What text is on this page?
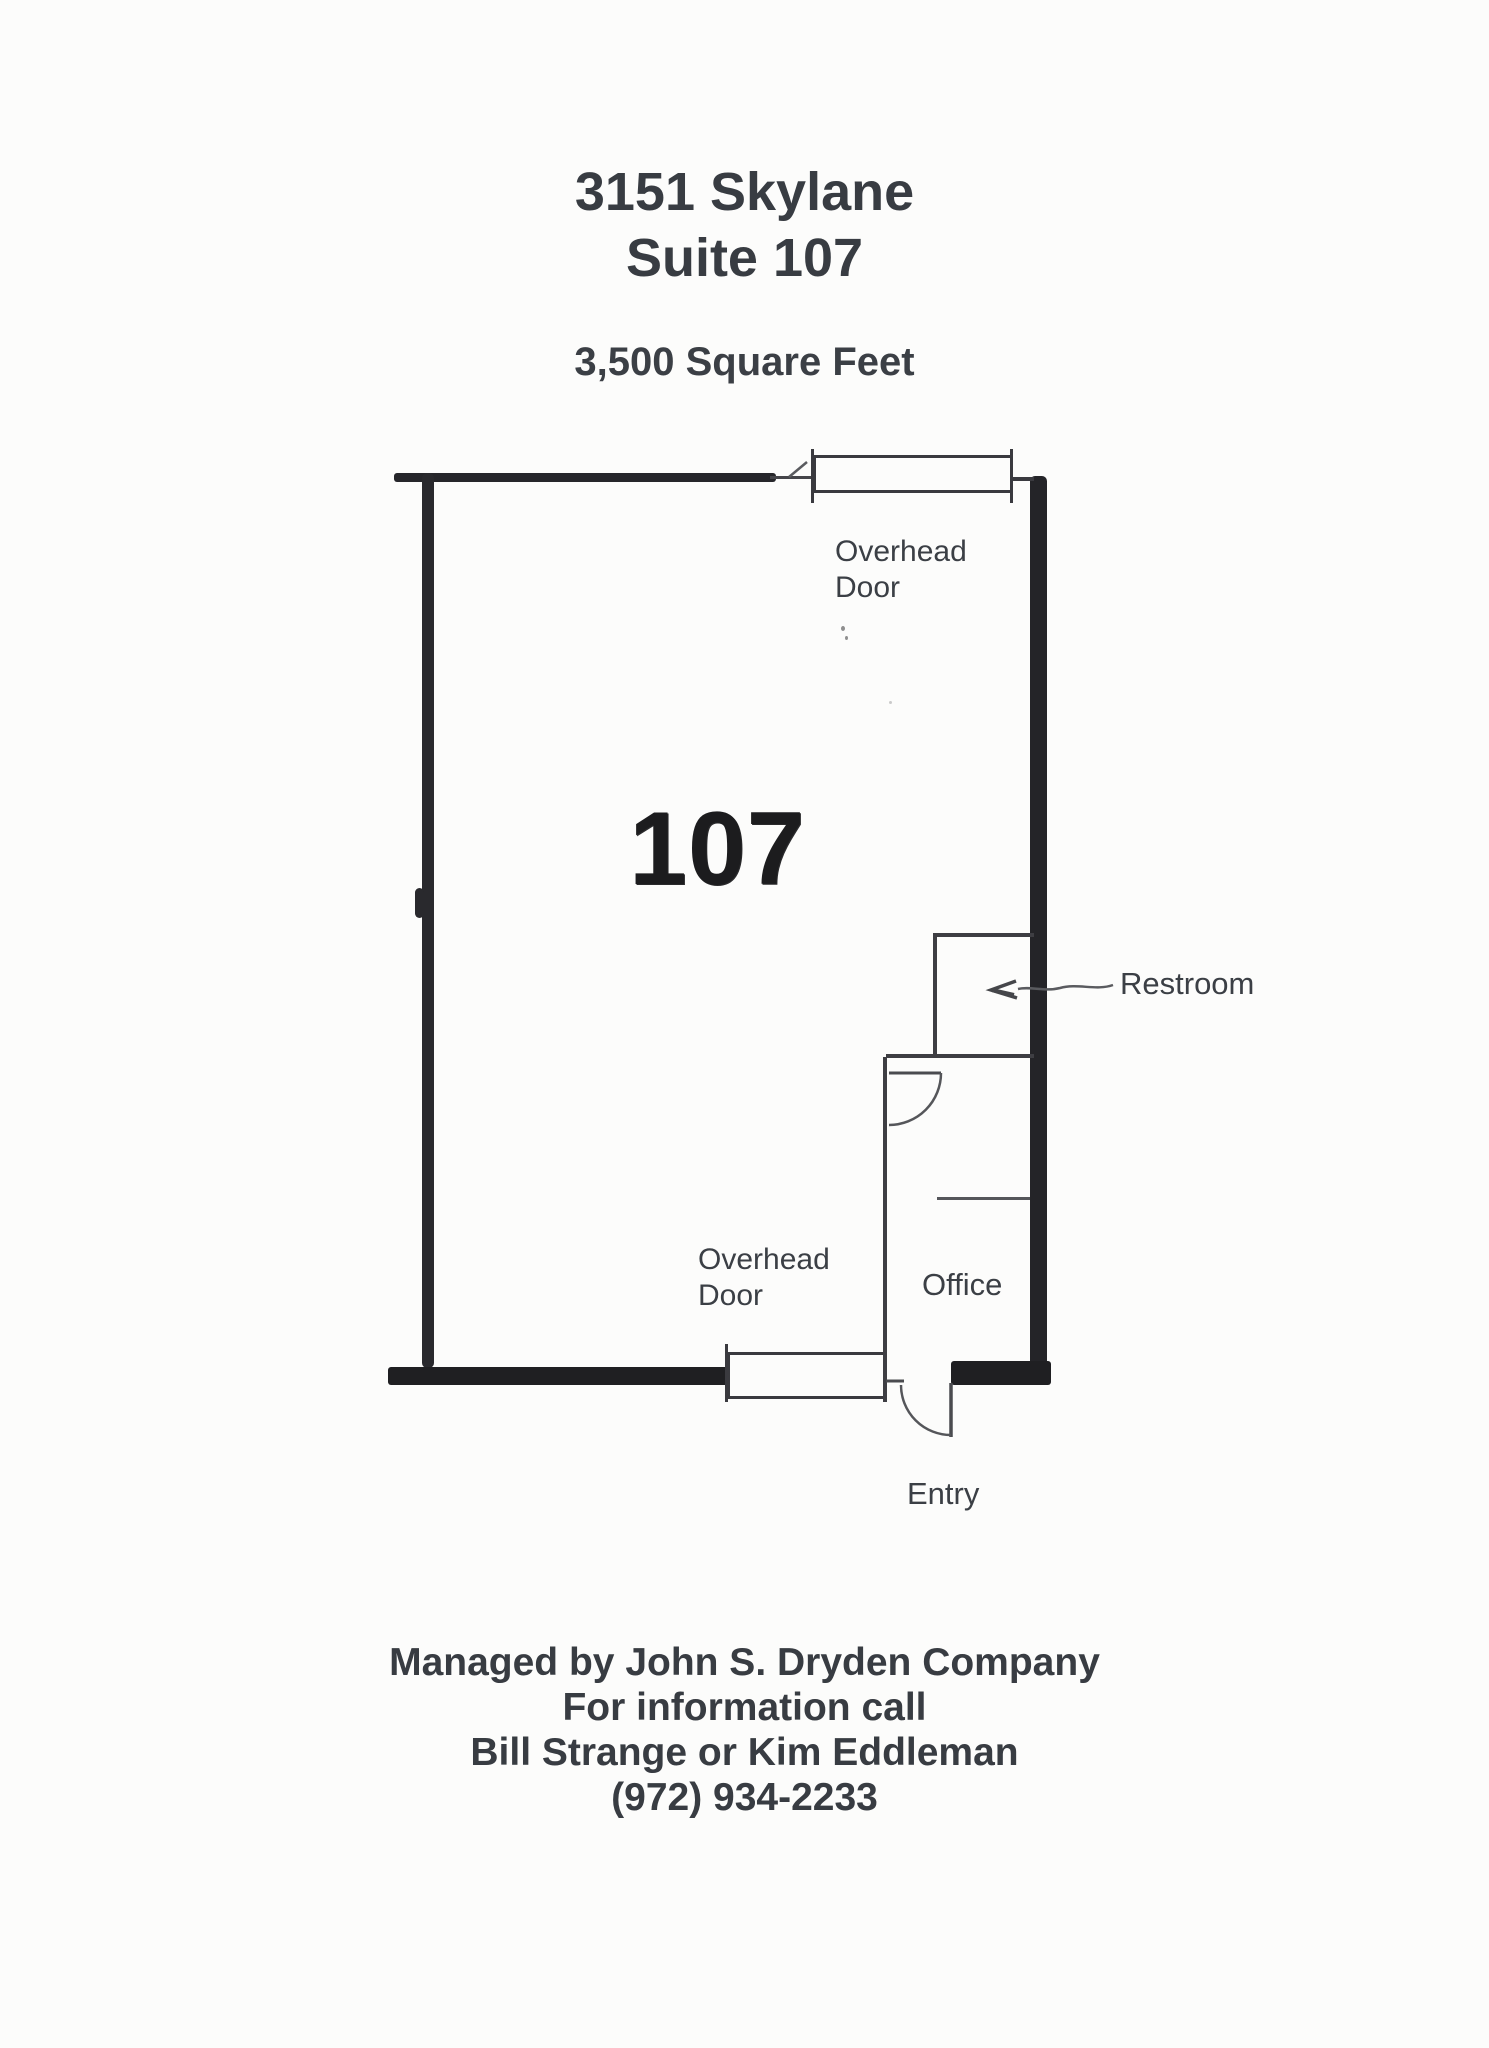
3151 Skylane
Suite 107
3,500 Square Feet
Overhead
Door
107
Restroom
Overhead
Door	Office
Entry
Managed by John S. Dryden Company
For information call
Bill Strange or Kim Eddleman
(972) 934-2233
